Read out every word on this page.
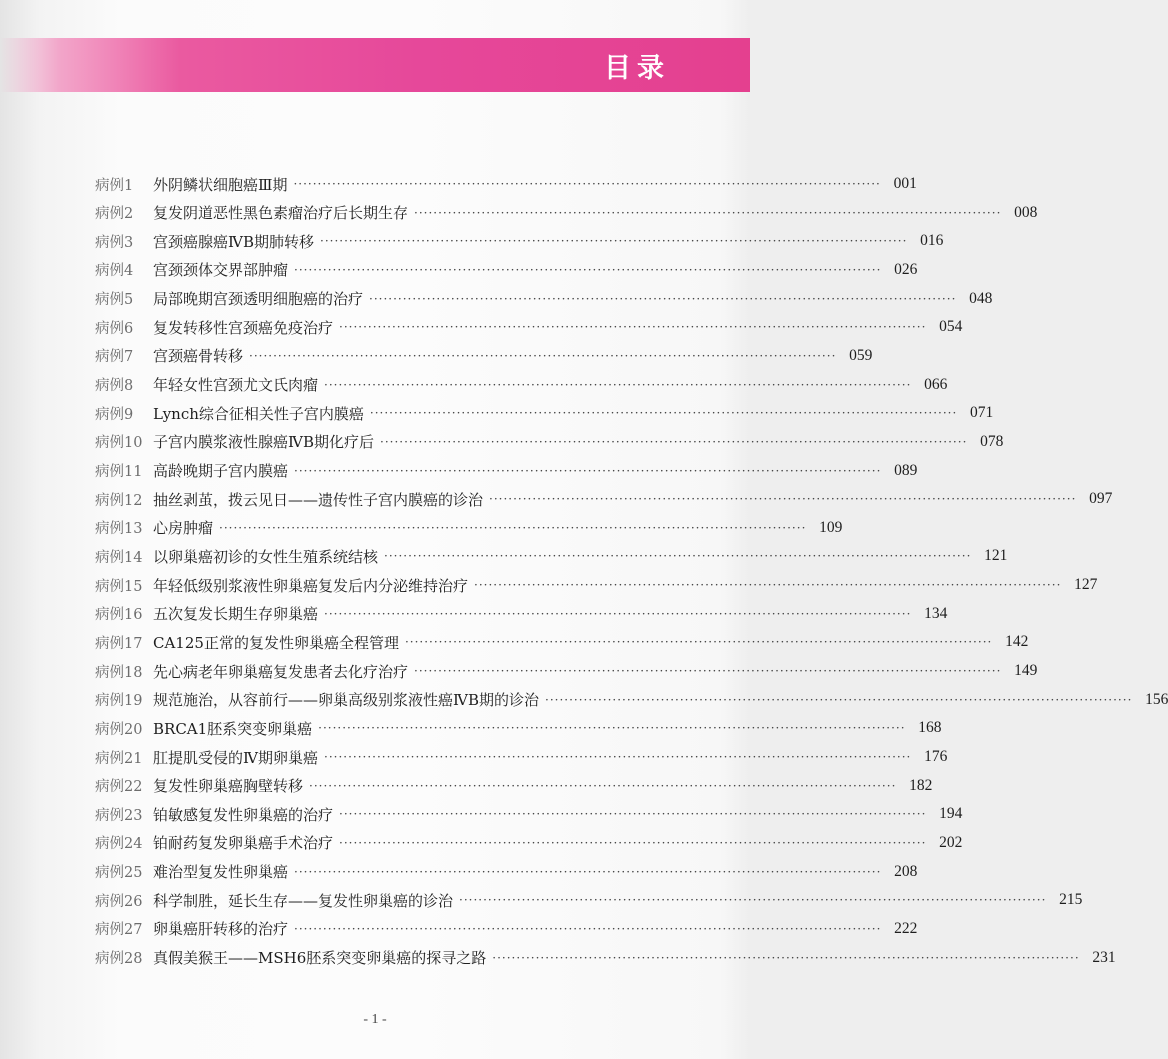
目录
病例1	外阴鳞状细胞癌Ⅲ期 ·····	001
病例2	复发阴道恶性黑色素瘤治疗后长期生存 ·····	008
病例3	宫颈癌腺癌ⅣB期肺转移 ·····	016
病例4	宫颈颈体交界部肿瘤 ·····	026
病例5	局部晚期宫颈透明细胞癌的治疗 ·····	048
病例6	复发转移性宫颈癌免疫治疗 ·····	054
病例7	宫颈癌骨转移 ·····	059
病例8	年轻女性宫颈尤文氏肉瘤 ·····	066
病例9	Lynch综合征相关性子宫内膜癌 ·····	071
病例10 子宫内膜浆液性腺癌ⅣB期化疗后 ·····	078
病例11 高龄晚期子宫内膜癌 ·····	089
病例12 抽丝剥茧，拨云见日——遗传性子宫内膜癌的诊治 ·····	097
病例13 心房肿瘤 ·····	109
病例14 以卵巢癌初诊的女性生殖系统结核 ·····	121
病例15 年轻低级别浆液性卵巢癌复发后内分泌维持治疗 ·····	127
病例16 五次复发长期生存卵巢癌 ·····	134
病例17 CA125正常的复发性卵巢癌全程管理 ·····	142
病例18 先心病老年卵巢癌复发患者去化疗治疗 ·····	149
病例19 规范施治，从容前行——卵巢高级别浆液性癌ⅣB期的诊治 ·····	156
病例20 BRCA1胚系突变卵巢癌 ·····	168
病例21 肛提肌受侵的Ⅳ期卵巢癌 ·····	176
病例22 复发性卵巢癌胸壁转移 ·····	182
病例23 铂敏感复发性卵巢癌的治疗 ·····	194
病例24 铂耐药复发卵巢癌手术治疗 ·····	202
病例25 难治型复发性卵巢癌 ·····	208
病例26 科学制胜，延长生存——复发性卵巢癌的诊治 ·····	215
病例27 卵巢癌肝转移的治疗 ·····	222
病例28 真假美猴王——MSH6胚系突变卵巢癌的探寻之路 ·····	231
- 1 -
